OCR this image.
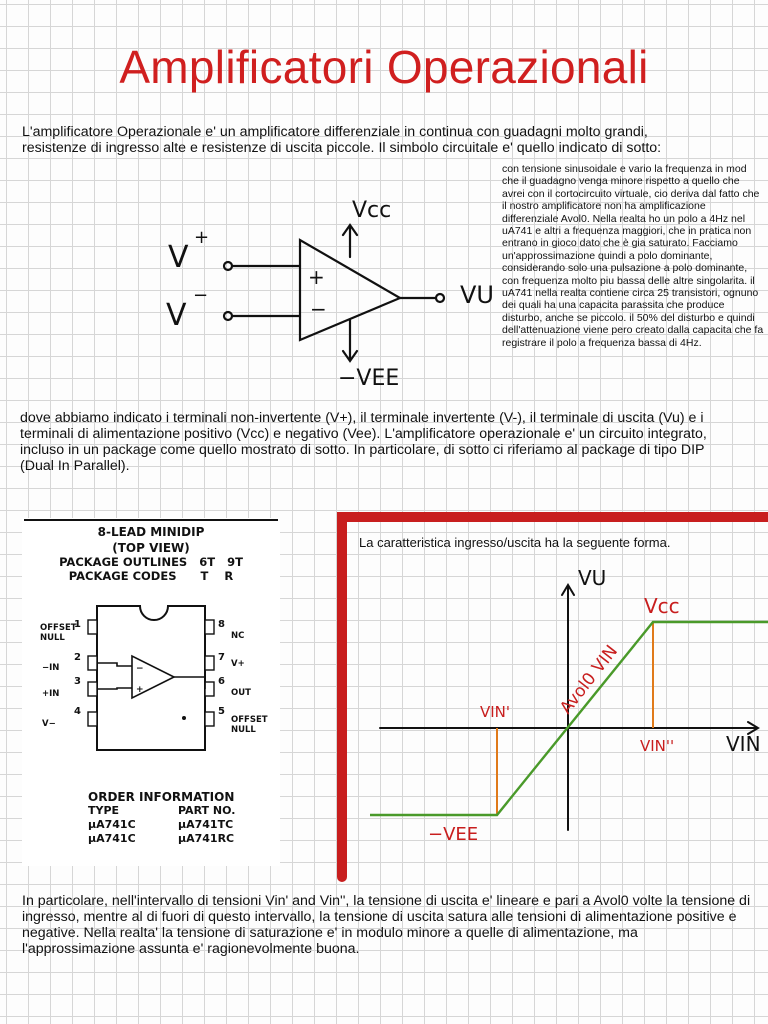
Amplificatori Operazionali
L'amplificatore Operazionale e' un amplificatore differenziale in continua con guadagni molto grandi, resistenze di ingresso alte e resistenze di uscita piccole. Il simbolo circuitale e' quello indicato di sotto:
con tensione sinusoidale e vario la frequenza in mod che il guadagno venga minore rispetto a quello che avrei con il cortocircuito virtuale, cio deriva dal fatto che il nostro amplificatore non ha amplificazione differenziale Avol0. Nella realta ho un polo a 4Hz nel uA741 e altri a frequenza maggiori, che in pratica non entrano in gioco dato che è gia saturato. Facciamo un'approssimazione quindi a polo dominante, considerando solo una pulsazione a polo dominante, con frequenza molto piu bassa delle altre singolarita. il uA741 nella realta contiene circa 25 transistori, ognuno dei quali ha una capacita parassita che produce disturbo, anche se piccolo. il 50% del disturbo e quindi dell'attenuazione viene pero creato dalla capacita che fa registrare il polo a frequenza bassa di 4Hz.
V
+
V
−
+
−
Vcc
−VEE
VU
dove abbiamo indicato i terminali non-invertente (V+), il terminale invertente (V-), il terminale di uscita (Vu) e i terminali di alimentazione positivo (Vcc) e negativo (Vee). L'amplificatore operazionale e' un circuito integrato, incluso in un package come quello mostrato di sotto. In particolare, di sotto ci riferiamo al package di tipo DIP (Dual In Parallel).
8-LEAD MINIDIP
(TOP VIEW)
PACKAGE OUTLINES   6T   9T
PACKAGE CODES      T    R
−
+
1
OFFSET
NULL
2
−IN
3
+IN
4
V−
8
NC
7
V+
6
OUT
5
OFFSET
NULL
ORDER INFORMATION
TYPE	PART NO.
µA741C	µA741TC
µA741C	µA741RC
La caratteristica ingresso/uscita ha la seguente forma.
VU
VIN
Vcc
−VEE
VIN'
VIN''
Avol0 VIN
In particolare, nell'intervallo di tensioni Vin' and Vin'', la tensione di uscita e' lineare e pari a Avol0 volte la tensione di ingresso, mentre al di fuori di questo intervallo, la tensione di uscita satura alle tensioni di alimentazione positive e negative. Nella realta' la tensione di saturazione e' in modulo minore a quelle di alimentazione, ma l'approssimazione assunta e' ragionevolmente buona.
